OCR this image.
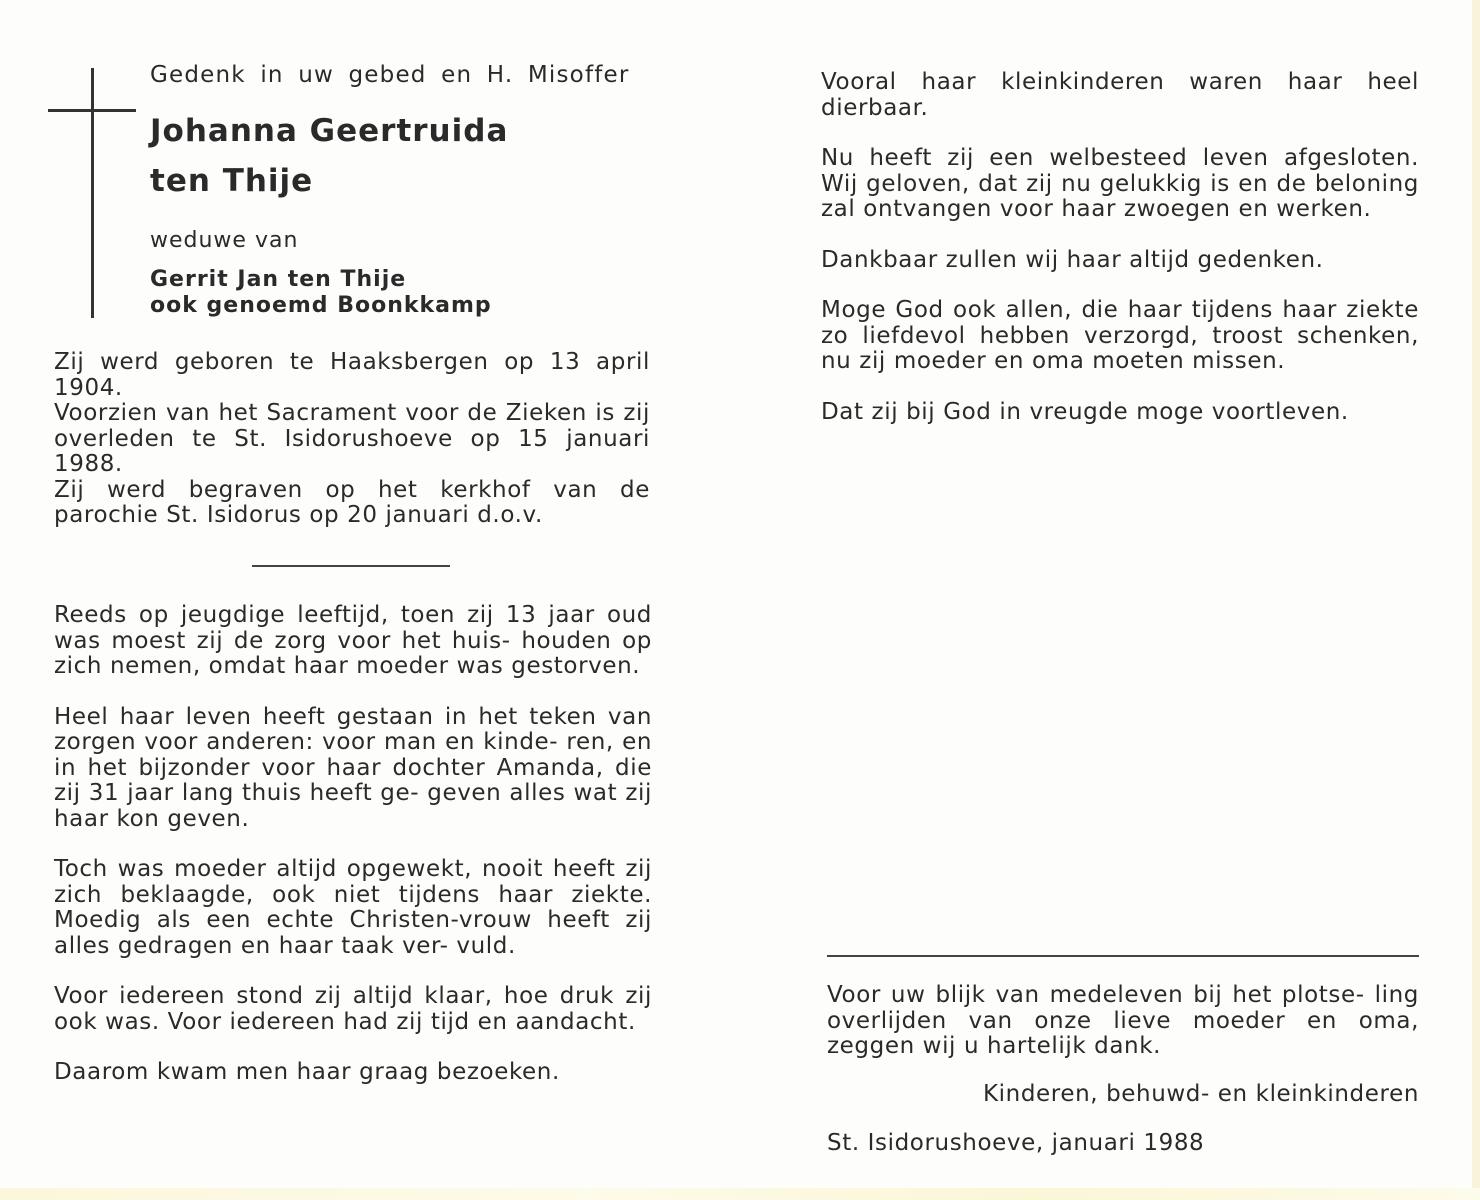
Gedenk in uw gebed en H. Misoffer
Johanna Geertruida
ten Thije
weduwe van
Gerrit Jan ten Thije
ook genoemd Boonkkamp

Zij werd geboren te Haaksbergen op 13 april 1904.

Voorzien van het Sacrament voor de Zieken is zij overleden te St. Isidorushoeve op 15 januari 1988.

Zij werd begraven op het kerkhof van de parochie St. Isidorus op 20 januari d.o.v.

Reeds op jeugdige leeftijd, toen zij 13 jaar oud was moest zij de zorg voor het huis- houden op zich nemen, omdat haar moeder was gestorven.

Heel haar leven heeft gestaan in het teken van zorgen voor anderen: voor man en kinde- ren, en in het bijzonder voor haar dochter Amanda, die zij 31 jaar lang thuis heeft ge- geven alles wat zij haar kon geven.

Toch was moeder altijd opgewekt, nooit heeft zij zich beklaagde, ook niet tijdens haar ziekte. Moedig als een echte Christen-vrouw heeft zij alles gedragen en haar taak ver- vuld.

Voor iedereen stond zij altijd klaar, hoe druk zij ook was. Voor iedereen had zij tijd en aandacht.

Daarom kwam men haar graag bezoeken.

Vooral haar kleinkinderen waren haar heel dierbaar.

Nu heeft zij een welbesteed leven afgesloten. Wij geloven, dat zij nu gelukkig is en de beloning zal ontvangen voor haar zwoegen en werken.

Dankbaar zullen wij haar altijd gedenken.

Moge God ook allen, die haar tijdens haar ziekte zo liefdevol hebben verzorgd, troost schenken, nu zij moeder en oma moeten missen.

Dat zij bij God in vreugde moge voortleven.

Voor uw blijk van medeleven bij het plotse- ling overlijden van onze lieve moeder en oma, zeggen wij u hartelijk dank.

Kinderen, behuwd- en kleinkinderen
St. Isidorushoeve, januari 1988
